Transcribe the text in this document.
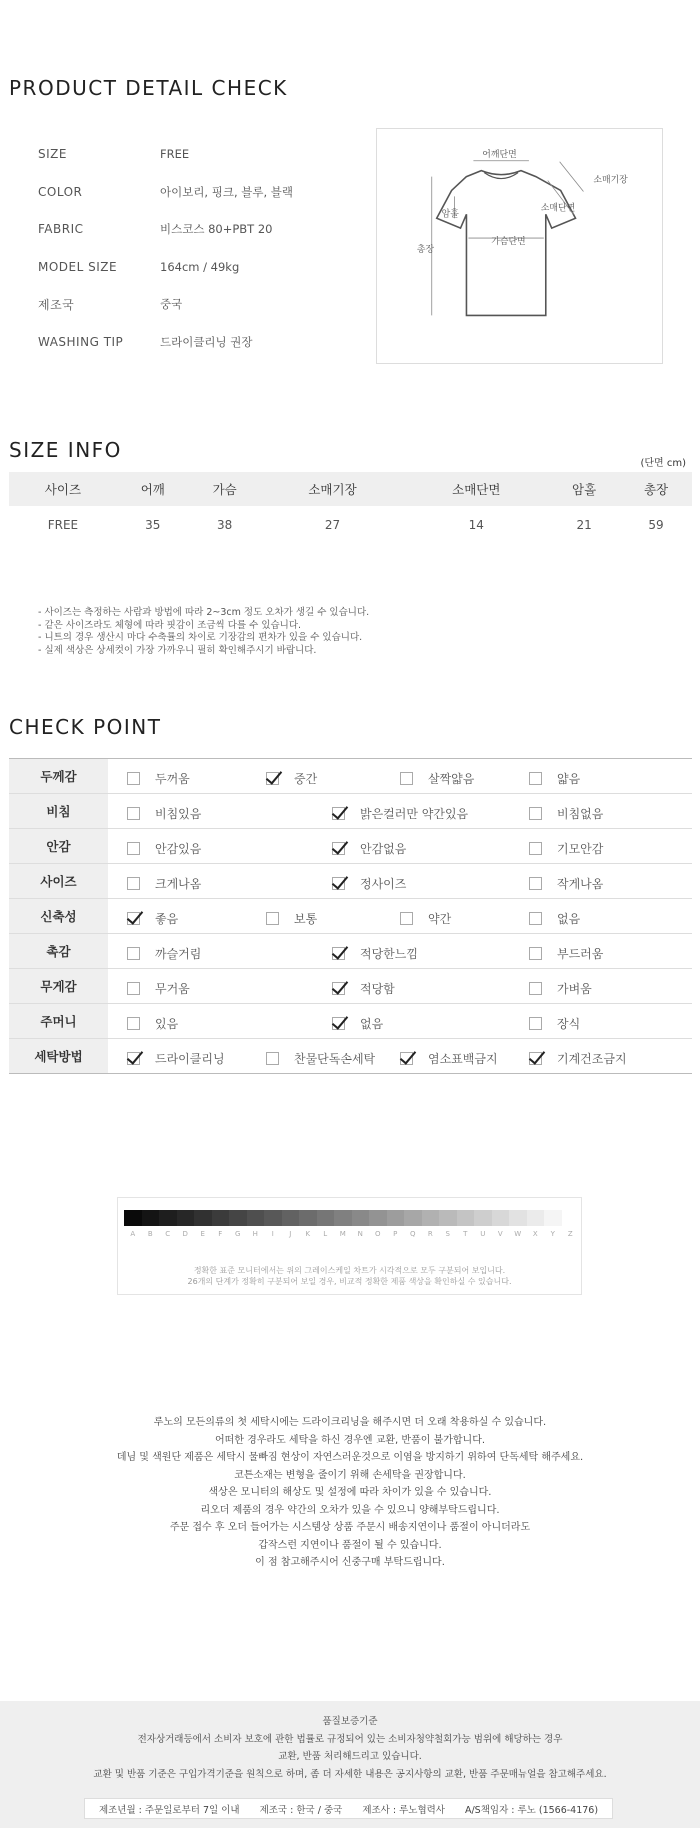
PRODUCT DETAIL CHECK
SIZE	FREE
COLOR	아이보리, 핑크, 블루, 블랙
FABRIC	비스코스 80+PBT 20
MODEL SIZE	164cm / 49kg
제조국	중국
WASHING TIP	드라이클리닝 권장
어깨단면
소매기장
암홀
소매단면
가슴단면
총장
SIZE INFO
(단면 cm)
사이즈	어깨	가슴	소매기장	소매단면	암홀	총장
FREE	35	38	27	14	21	59
- 사이즈는 측정하는 사람과 방법에 따라 2~3cm 정도 오차가 생길 수 있습니다.
- 같은 사이즈라도 체형에 따라 핏감이 조금씩 다를 수 있습니다.
- 니트의 경우 생산시 마다 수축률의 차이로 기장감의 편차가 있을 수 있습니다.
- 실제 색상은 상세컷이 가장 가까우니 필히 확인해주시기 바랍니다.
CHECK POINT
두께감	두꺼움 중간 살짝얇음 얇음

비침	비침있음 밝은컬러만 약간있음 비침없음

안감	안감있음 안감없음 기모안감

사이즈	크게나옴 정사이즈 작게나옴

신축성	좋음 보통 약간 없음

촉감	까슬거림 적당한느낌 부드러움

무게감	무거움 적당함 가벼움

주머니	있음 없음 장식

세탁방법	드라이클리닝 찬물단독손세탁 염소표백금지 기계건조금지
A	B	C	D	E	F	G	H	I	J	K	L	M	N	O	P	Q	R	S	T	U	V	W	X	Y	Z
정확한 표준 모니터에서는 위의 그레이스케일 차트가 시각적으로 모두 구분되어 보입니다.
26개의 단계가 정확히 구분되어 보일 경우, 비교적 정확한 제품 색상을 확인하실 수 있습니다.
루노의 모든의류의 첫 세탁시에는 드라이크리닝을 해주시면 더 오래 착용하실 수 있습니다.
어떠한 경우라도 세탁을 하신 경우엔 교환, 반품이 불가합니다.
데님 및 색원단 제품은 세탁시 물빠짐 현상이 자연스러운것으로 이염을 방지하기 위하여 단독세탁 해주세요.
코튼소재는 변형을 줄이기 위해 손세탁을 권장합니다.
색상은 모니터의 해상도 및 설정에 따라 차이가 있을 수 있습니다.
리오더 제품의 경우 약간의 오차가 있을 수 있으니 양해부탁드립니다.
주문 접수 후 오더 들어가는 시스템상 상품 주문시 배송지연이나 품절이 아니더라도
갑작스런 지연이나 품절이 될 수 있습니다.
이 점 참고해주시어 신중구매 부탁드립니다.
품질보증기준
전자상거래등에서 소비자 보호에 관한 법률로 규정되어 있는 소비자청약철회가능 범위에 해당하는 경우
교환, 반품 처리해드리고 있습니다.
교환 및 반품 기준은 구입가격기준을 원칙으로 하며, 좀 더 자세한 내용은 공지사항의 교환, 반품 주문매뉴얼을 참고해주세요.
제조년월 : 주문일로부터 7일 이내 제조국 : 한국 / 중국 제조사 : 루노협력사 A/S책임자 : 루노 (1566-4176)
